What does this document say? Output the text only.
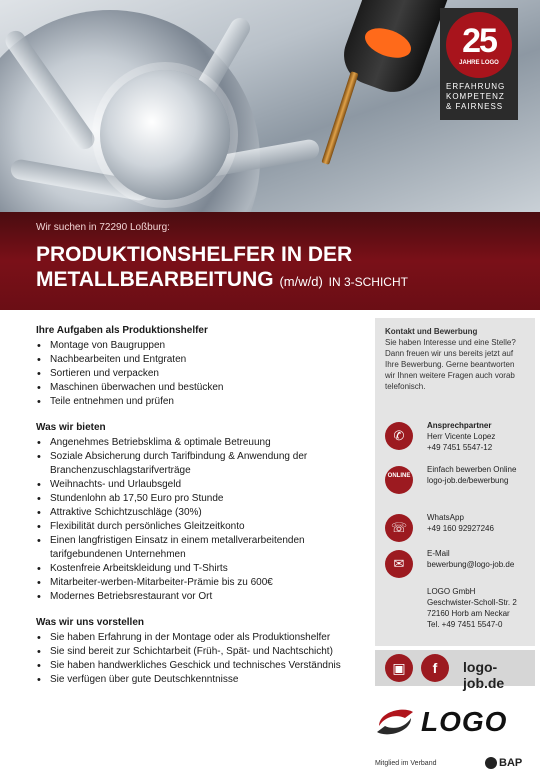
25
JAHRE LOGO
ERFAHRUNG
KOMPETENZ
& FAIRNESS
Wir suchen in 72290 Loßburg:
PRODUKTIONSHELFER IN DER
METALLBEARBEITUNG (m/w/d) IN 3-SCHICHT
Ihre Aufgaben als Produktionshelfer
• Montage von Baugruppen
• Nachbearbeiten und Entgraten
• Sortieren und verpacken
• Maschinen überwachen und bestücken
• Teile entnehmen und prüfen
Was wir bieten
• Angenehmes Betriebsklima & optimale Betreuung
• Soziale Absicherung durch Tarifbindung & Anwendung der Branchenzuschlagstarifverträge
• Weihnachts- und Urlaubsgeld
• Stundenlohn ab 17,50 Euro pro Stunde
• Attraktive Schichtzuschläge (30%)
• Flexibilität durch persönliches Gleitzeitkonto
• Einen langfristigen Einsatz in einem metallverarbeitenden tarifgebundenen Unternehmen
• Kostenfreie Arbeitskleidung und T-Shirts
• Mitarbeiter-werben-Mitarbeiter-Prämie bis zu 600€
• Modernes Betriebsrestaurant vor Ort
Was wir uns vorstellen
• Sie haben Erfahrung in der Montage oder als Produktionshelfer
• Sie sind bereit zur Schichtarbeit (Früh-, Spät- und Nachtschicht)
• Sie haben handwerkliches Geschick und technisches Verständnis
• Sie verfügen über gute Deutschkenntnisse
Kontakt und Bewerbung
Sie haben Interesse und eine Stelle? Dann freuen wir uns bereits jetzt auf Ihre Bewerbung. Gerne beantworten wir Ihnen weitere Fragen auch vorab telefonisch.
✆
Ansprechpartner
Herr Vicente Lopez
+49 7451 5547-12
ONLINE
Einfach bewerben Online
logo-job.de/bewerbung
☏
WhatsApp
+49 160 92927246
✉
E-Mail
bewerbung@logo-job.de
LOGO GmbH
Geschwister-Scholl-Str. 2
72160 Horb am Neckar
Tel. +49 7451 5547-0
▣	f	logo-job.de
LOGO
Mitglied im Verband	BAP
